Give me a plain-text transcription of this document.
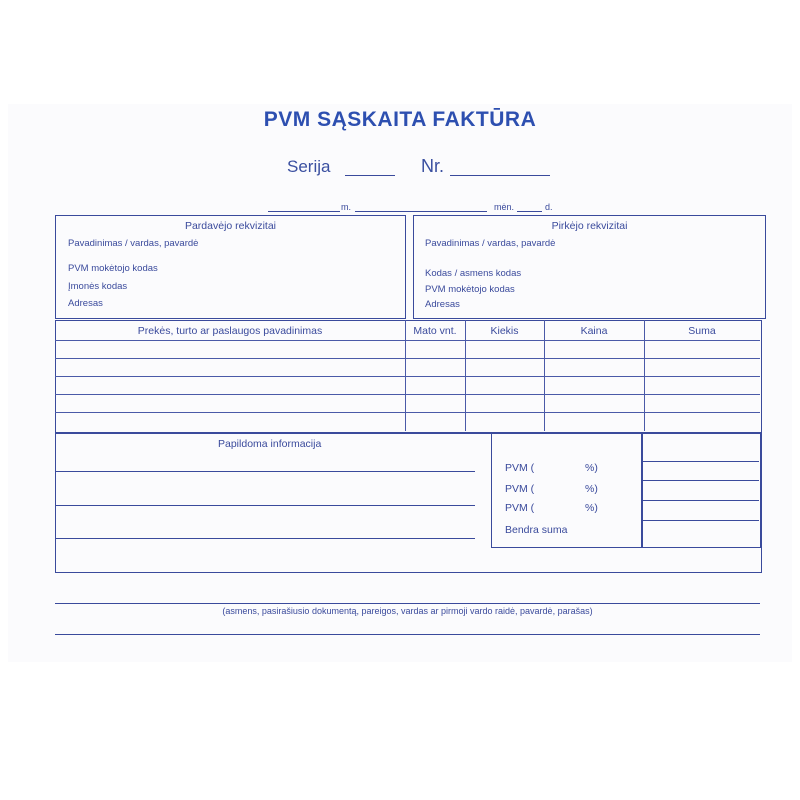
PVM SĄSKAITA FAKTŪRA
Serija	Nr.
m.	mėn.	d.
Pardavėjo rekvizitai
Pavadinimas / vardas, pavardė
PVM mokėtojo kodas
Įmonės kodas
Adresas
Pirkėjo rekvizitai
Pavadinimas / vardas, pavardė
Kodas / asmens kodas
PVM mokėtojo kodas
Adresas
Prekės, turto ar paslaugos pavadinimas	Mato vnt.	Kiekis	Kaina	Suma
Papildoma informacija
PVM (	%)
PVM (	%)
PVM (	%)
Bendra suma
(asmens, pasirašiusio dokumentą, pareigos, vardas ar pirmoji vardo raidė, pavardė, parašas)
